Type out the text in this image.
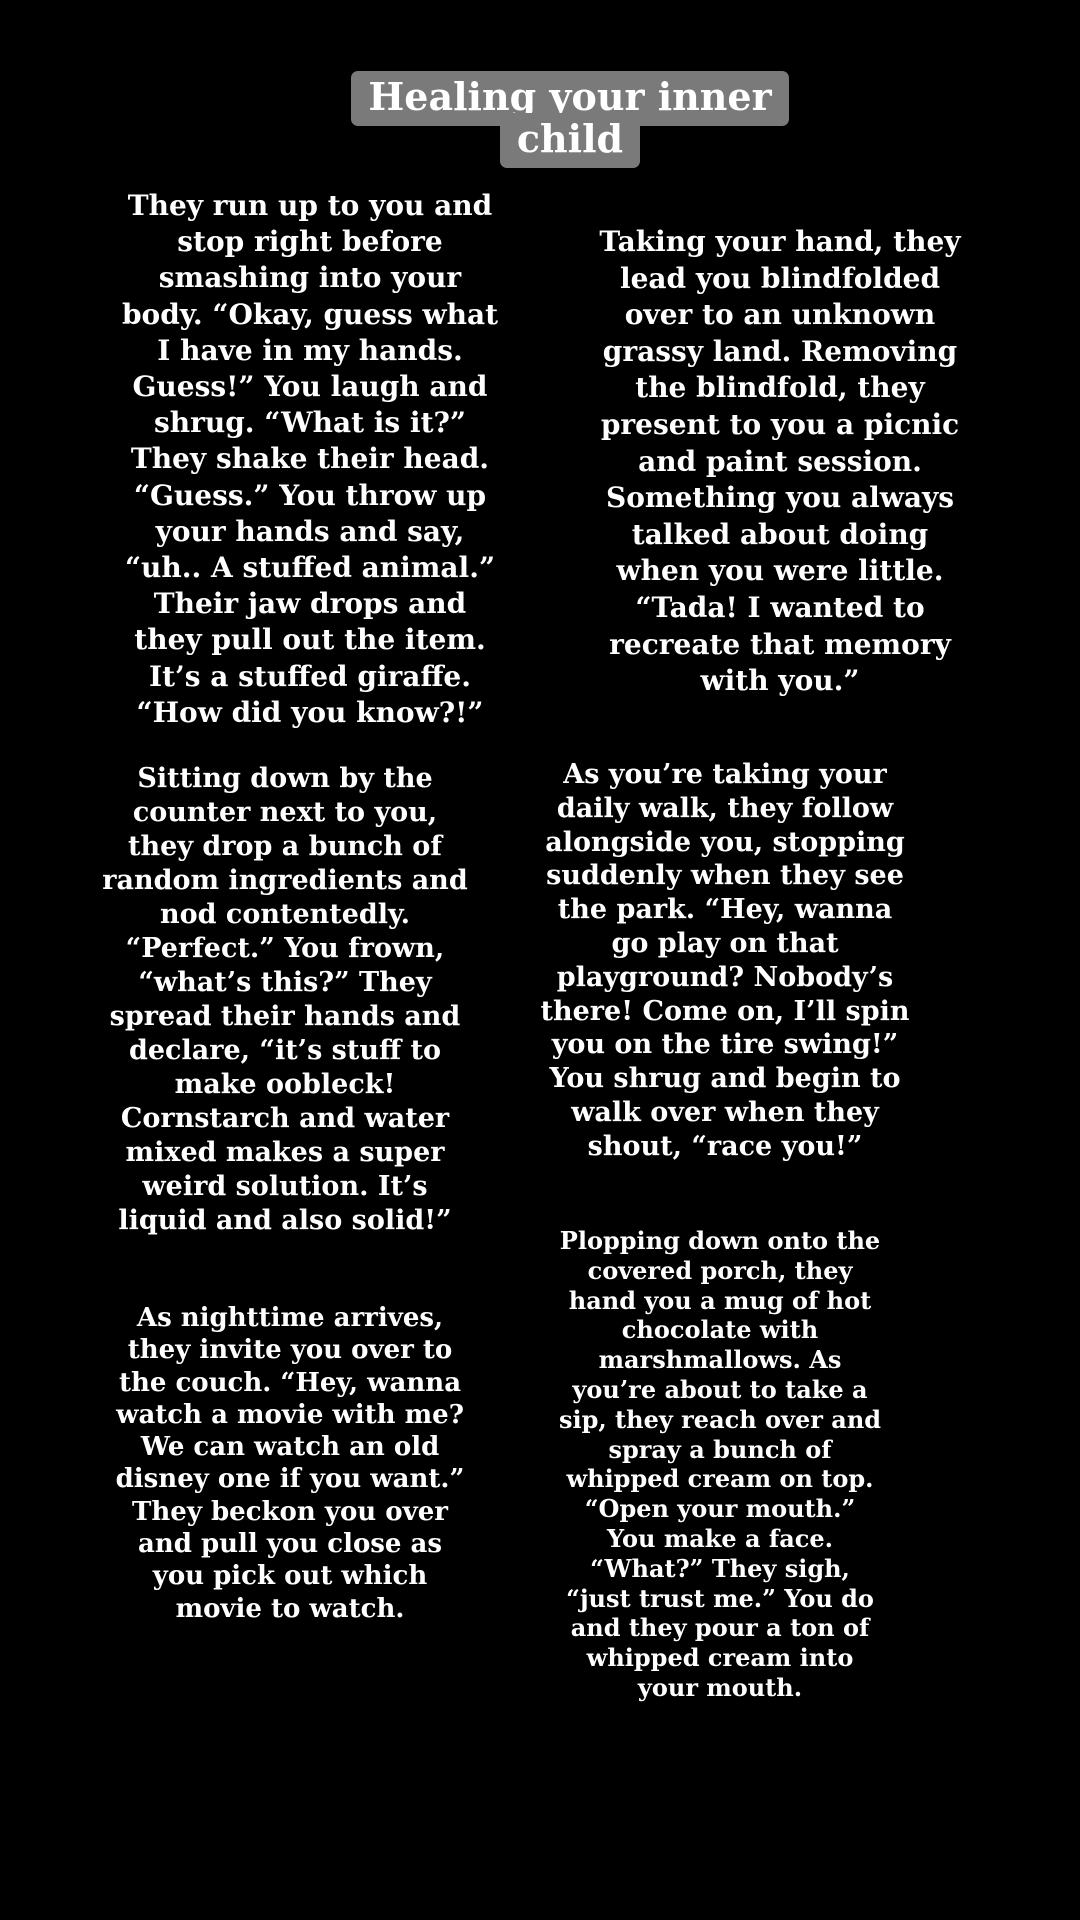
Healing your inner
child

They run up to you and
stop right before
smashing into your
body. “Okay, guess what
I have in my hands.
Guess!” You laugh and
shrug. “What is it?”
They shake their head.
“Guess.” You throw up
your hands and say,
“uh.. A stuffed animal.”
Their jaw drops and
they pull out the item.
It’s a stuffed giraffe.
“How did you know?!”

Taking your hand, they
lead you blindfolded
over to an unknown
grassy land. Removing
the blindfold, they
present to you a picnic
and paint session.
Something you always
talked about doing
when you were little.
“Tada! I wanted to
recreate that memory
with you.”

Sitting down by the
counter next to you,
they drop a bunch of
random ingredients and
nod contentedly.
“Perfect.” You frown,
“what’s this?” They
spread their hands and
declare, “it’s stuff to
make oobleck!
Cornstarch and water
mixed makes a super
weird solution. It’s
liquid and also solid!”

As you’re taking your
daily walk, they follow
alongside you, stopping
suddenly when they see
the park. “Hey, wanna
go play on that
playground? Nobody’s
there! Come on, I’ll spin
you on the tire swing!”
You shrug and begin to
walk over when they
shout, “race you!”

As nighttime arrives,
they invite you over to
the couch. “Hey, wanna
watch a movie with me?
We can watch an old
disney one if you want.”
They beckon you over
and pull you close as
you pick out which
movie to watch.

Plopping down onto the
covered porch, they
hand you a mug of hot
chocolate with
marshmallows. As
you’re about to take a
sip, they reach over and
spray a bunch of
whipped cream on top.
“Open your mouth.”
You make a face.
“What?” They sigh,
“just trust me.” You do
and they pour a ton of
whipped cream into
your mouth.
